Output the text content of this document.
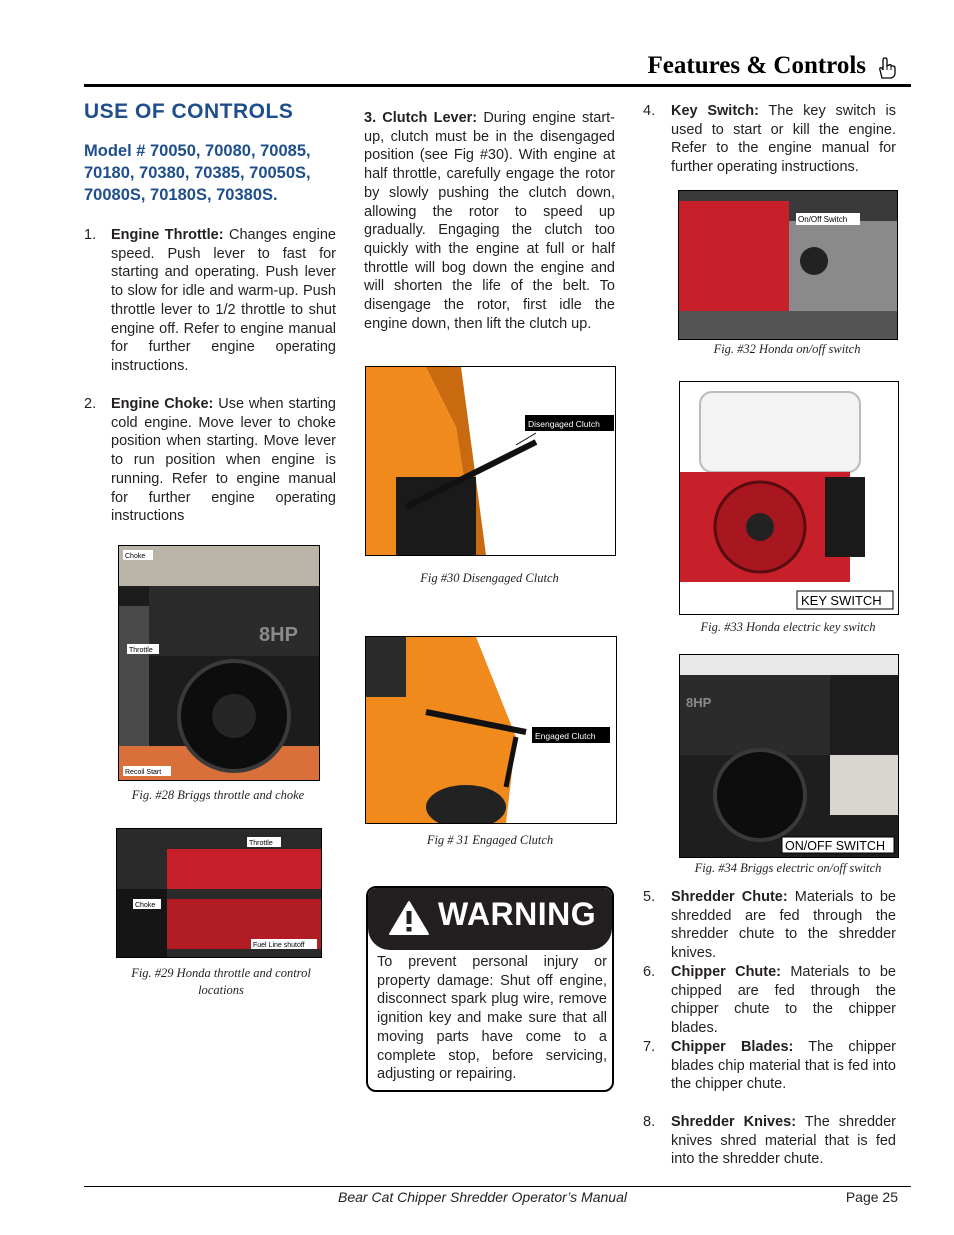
Features & Controls
USE OF CONTROLS
Model # 70050, 70080, 70085, 70180, 70380, 70385, 70050S, 70080S, 70180S, 70380S.
1. Engine Throttle: Changes engine speed. Push lever to fast for starting and operating. Push lever to slow for idle and warm-up. Push throttle lever to 1/2 throttle to shut engine off. Refer to engine manual for further engine operating instructions.
2. Engine Choke: Use when starting cold engine. Move lever to choke position when starting. Move lever to run position when engine is running. Refer to engine manual for further engine operating instructions
8HP
Choke
Throttle
Recoil Start
Fig. #28 Briggs throttle and choke
Throttle
Choke
Fuel Line shutoff
Fig. #29 Honda throttle and control locations
3. Clutch Lever: During engine start-up, clutch must be in the disengaged position (see Fig #30). With engine at half throttle, carefully engage the rotor by slowly pushing the clutch down, allowing the rotor to speed up gradually. Engaging the clutch too quickly with the engine at full or half throttle will bog down the engine and will shorten the life of the belt. To disengage the rotor, first idle the engine down, then lift the clutch up.
Disengaged Clutch
Fig #30 Disengaged Clutch
Engaged Clutch
Fig # 31 Engaged Clutch
WARNING
To prevent personal injury or property damage: Shut off engine, disconnect spark plug wire, remove ignition key and make sure that all moving parts have come to a complete stop, before servicing, adjusting or repairing.
4. Key Switch: The key switch is used to start or kill the engine. Refer to the engine manual for further operating instructions.
On/Off Switch
Fig. #32 Honda on/off switch
KEY SWITCH
Fig. #33 Honda electric key switch
8HP
ON/OFF SWITCH
Fig. #34 Briggs electric on/off switch
5. Shredder Chute: Materials to be shredded are fed through the shredder chute to the shredder knives.
6. Chipper Chute: Materials to be chipped are fed through the chipper chute to the chipper blades.
7. Chipper Blades: The chipper blades chip material that is fed into the chipper chute.
8. Shredder Knives: The shredder knives shred material that is fed into the shredder chute.
Bear Cat Chipper Shredder Operator’s Manual	Page 25
